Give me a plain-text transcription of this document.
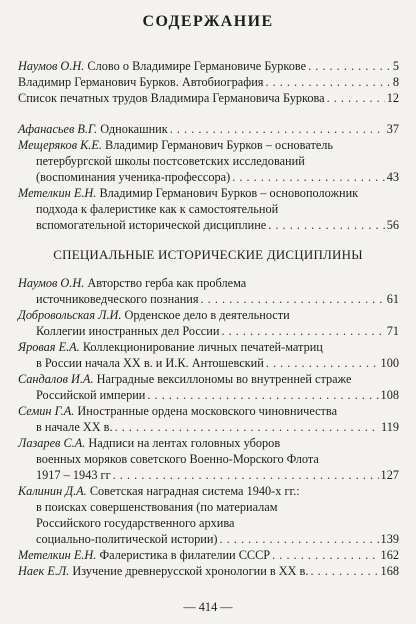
СОДЕРЖАНИЕ
Наумов О.Н.
Слово о Владимире Германовиче Буркове . . .	5
Владимир Германович Бурков. Автобиография . . .	8
Список печатных трудов Владимира Германовича Буркова . . .	12
Афанасьев В.Г.
Однокашник . . .	37
Мещеряков К.Е.
Владимир Германович Бурков – основатель
петербургской школы постсоветских исследований
(воспоминания ученика-профессора) . . .	43
Метелкин Е.Н.
Владимир Германович Бурков – основоположник
подхода к фалеристике как к самостоятельной
вспомогательной исторической дисциплине . . .	56
СПЕЦИАЛЬНЫЕ ИСТОРИЧЕСКИЕ ДИСЦИПЛИНЫ
Наумов О.Н.
Авторство герба как проблема
источниковедческого познания . . .	61
Добровольская Л.И.
Орденское дело в деятельности
Коллегии иностранных дел России . . .	71
Яровая Е.А.
Коллекционирование личных печатей-матриц
в России начала XX в. и И.К. Антошевский . . .	100
Сандалов И.А.
Наградные вексиллономы во внутренней страже
Российской империи . . .	108
Семин Г.А.
Иностранные ордена московского чиновничества
в начале XX в. . . .	119
Лазарев С.А.
Надписи на лентах головных уборов
военных моряков советского Военно-Морского Флота
1917 – 1943 гг . . .	127
Калинин Д.А.
Советская наградная система 1940-х гг.:
в поисках совершенствования (по материалам
Российского государственного архива
социально-политической истории) . . .	139
Метелкин Е.Н.
Фалеристика в филателии СССР . . .	162
Наек Е.Л.
Изучение древнерусской хронологии в XX в. . . .	168
— 414 —
